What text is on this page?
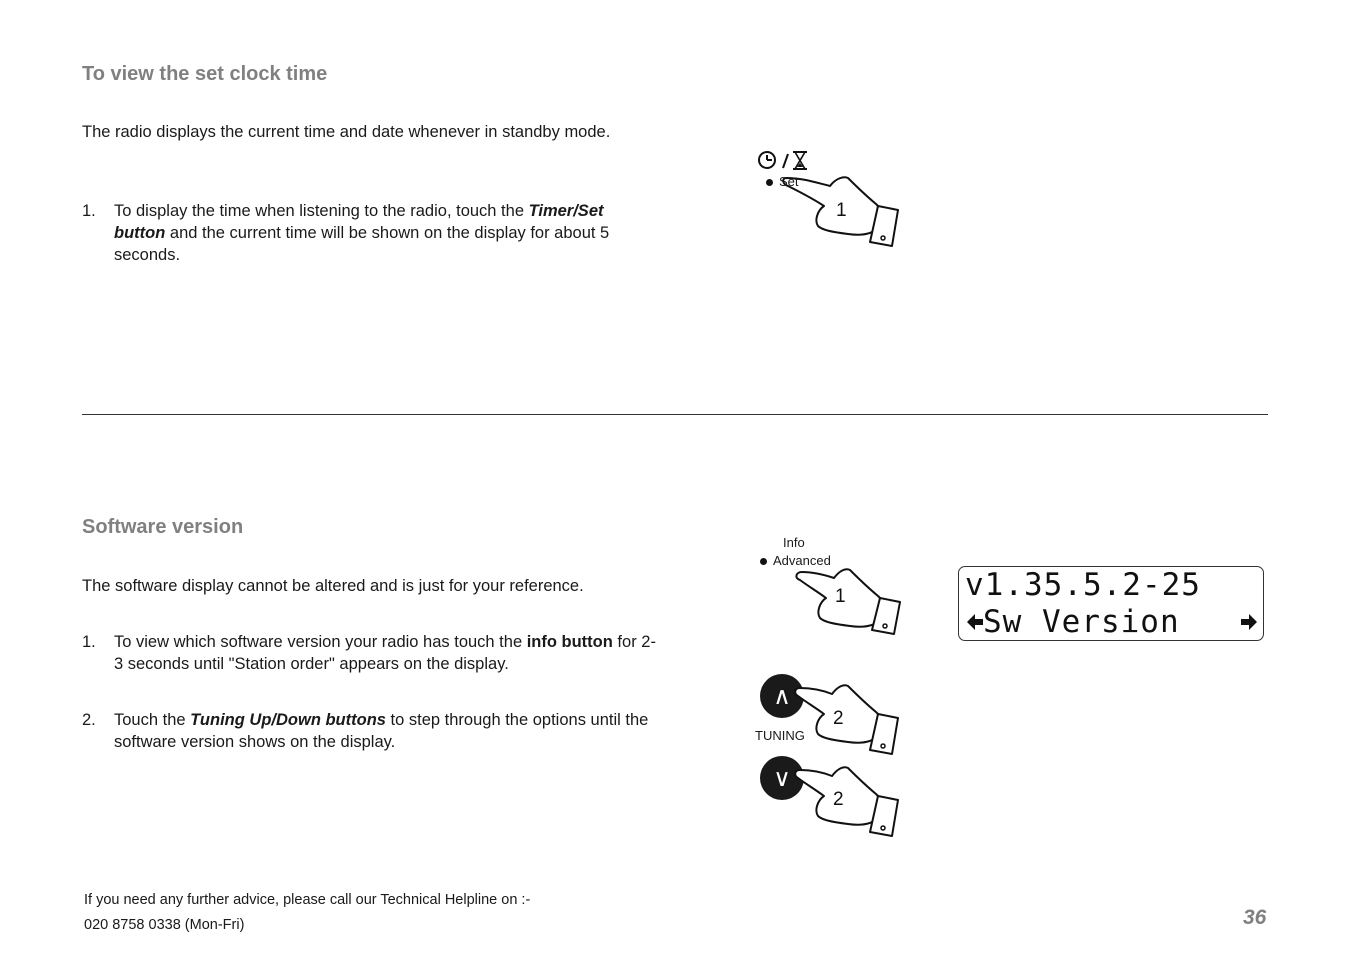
To view the set clock time
The radio displays the current time and date whenever in standby mode.
1. To display the time when listening to the radio, touch the Timer/Set button and the current time will be shown on the display for about 5 seconds.
Set
1
Software version
The software display cannot be altered and is just for your reference.
1. To view which software version your radio has touch the info button for 2-3 seconds until "Station order" appears on the display.
2. Touch the Tuning Up/Down buttons to step through the options until the software version shows on the display.
Info
Advanced
1
∧
2
TUNING
∨
2
v1.35.5.2-25
Sw Version
If you need any further advice, please call our Technical Helpline on :-
020 8758 0338 (Mon-Fri)	36
